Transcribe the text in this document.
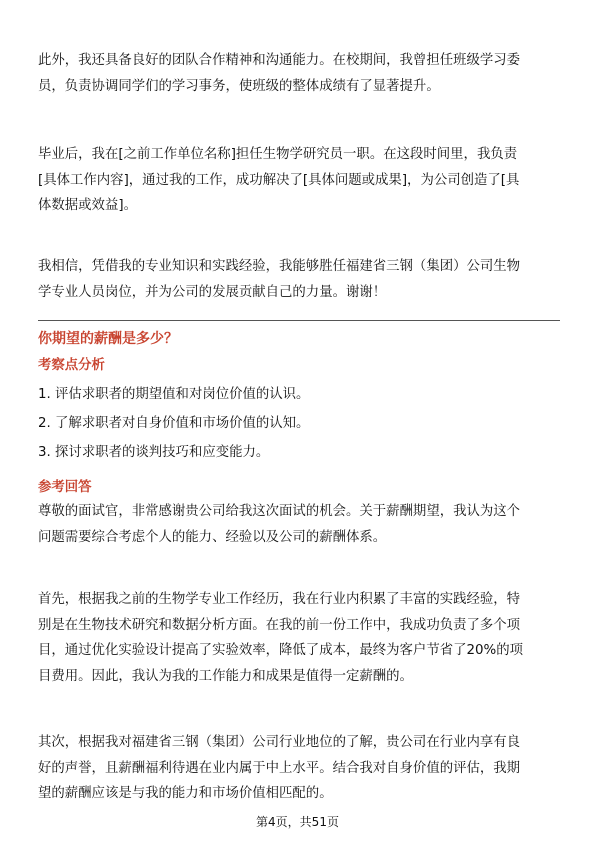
此外，我还具备良好的团队合作精神和沟通能力。在校期间，我曾担任班级学习委
员，负责协调同学们的学习事务，使班级的整体成绩有了显著提升。

毕业后，我在[之前工作单位名称]担任生物学研究员一职。在这段时间里，我负责
[具体工作内容]，通过我的工作，成功解决了[具体问题或成果]，为公司创造了[具
体数据或效益]。

我相信，凭借我的专业知识和实践经验，我能够胜任福建省三钢（集团）公司生物
学专业人员岗位，并为公司的发展贡献自己的力量。谢谢！

你期望的薪酬是多少？

考察点分析

1. 评估求职者的期望值和对岗位价值的认识。

2. 了解求职者对自身价值和市场价值的认知。

3. 探讨求职者的谈判技巧和应变能力。

参考回答

尊敬的面试官，非常感谢贵公司给我这次面试的机会。关于薪酬期望，我认为这个
问题需要综合考虑个人的能力、经验以及公司的薪酬体系。

首先，根据我之前的生物学专业工作经历，我在行业内积累了丰富的实践经验，特
别是在生物技术研究和数据分析方面。在我的前一份工作中，我成功负责了多个项
目，通过优化实验设计提高了实验效率，降低了成本，最终为客户节省了20%的项
目费用。因此，我认为我的工作能力和成果是值得一定薪酬的。

其次，根据我对福建省三钢（集团）公司行业地位的了解，贵公司在行业内享有良
好的声誉，且薪酬福利待遇在业内属于中上水平。结合我对自身价值的评估，我期
望的薪酬应该是与我的能力和市场价值相匹配的。

第4页，共51页
